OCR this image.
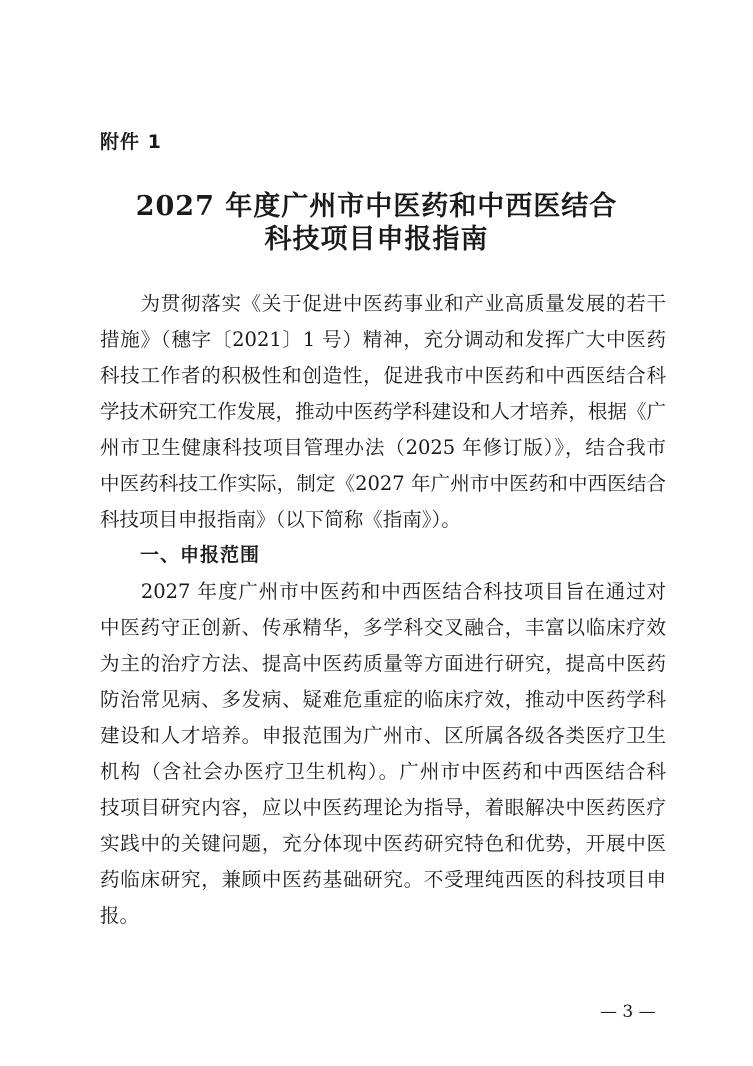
附件 1
2027 年度广州市中医药和中西医结合
科技项目申报指南
　　为贯彻落实《关于促进中医药事业和产业高质量发展的若干
措施》（穗字〔2021〕1 号）精神，充分调动和发挥广大中医药
科技工作者的积极性和创造性，促进我市中医药和中西医结合科
学技术研究工作发展，推动中医药学科建设和人才培养，根据《广
州市卫生健康科技项目管理办法（2025 年修订版）》，结合我市
中医药科技工作实际，制定《2027 年广州市中医药和中西医结合
科技项目申报指南》（以下简称《指南》）。
一、申报范围
　　2027 年度广州市中医药和中西医结合科技项目旨在通过对
中医药守正创新、传承精华，多学科交叉融合，丰富以临床疗效
为主的治疗方法、提高中医药质量等方面进行研究，提高中医药
防治常见病、多发病、疑难危重症的临床疗效，推动中医药学科
建设和人才培养。申报范围为广州市、区所属各级各类医疗卫生
机构（含社会办医疗卫生机构）。广州市中医药和中西医结合科
技项目研究内容，应以中医药理论为指导，着眼解决中医药医疗
实践中的关键问题，充分体现中医药研究特色和优势，开展中医
药临床研究，兼顾中医药基础研究。不受理纯西医的科技项目申
报。
— 3 —
